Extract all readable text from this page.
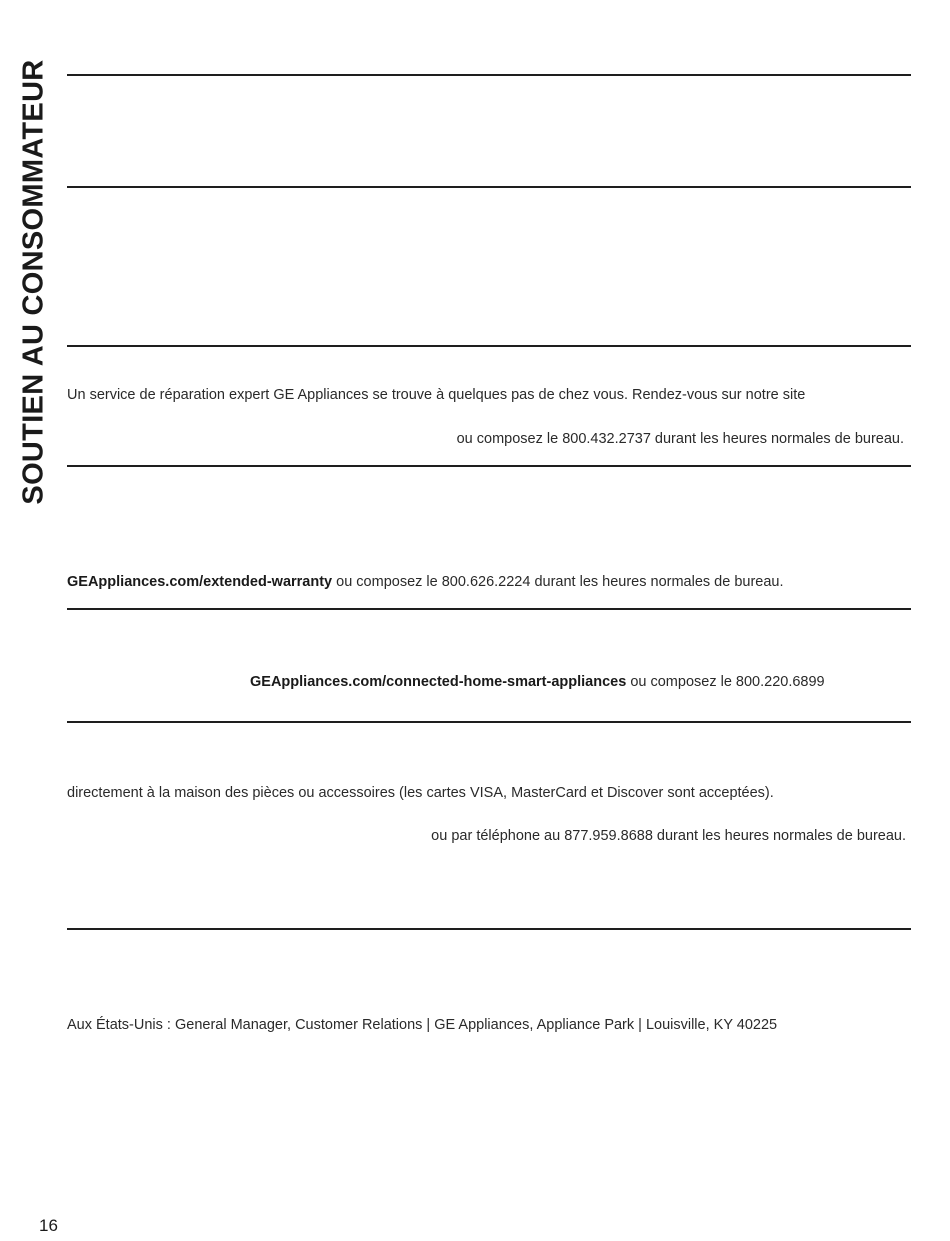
SOUTIEN AU CONSOMMATEUR Un service de réparation expert GE Appliances se trouve à quelques pas de chez vous. Rendez-vous sur notre site
ou composez le 800.432.2737 durant les heures normales de bureau.
GEAppliances.com/extended-warranty ou composez le 800.626.2224 durant les heures normales de bureau.
GEAppliances.com/connected-home-smart-appliances ou composez le 800.220.6899
directement à la maison des pièces ou accessoires (les cartes VISA, MasterCard et Discover sont acceptées).
ou par téléphone au 877.959.8688 durant les heures normales de bureau.
Aux États-Unis : General Manager, Customer Relations | GE Appliances, Appliance Park | Louisville, KY 40225
16
